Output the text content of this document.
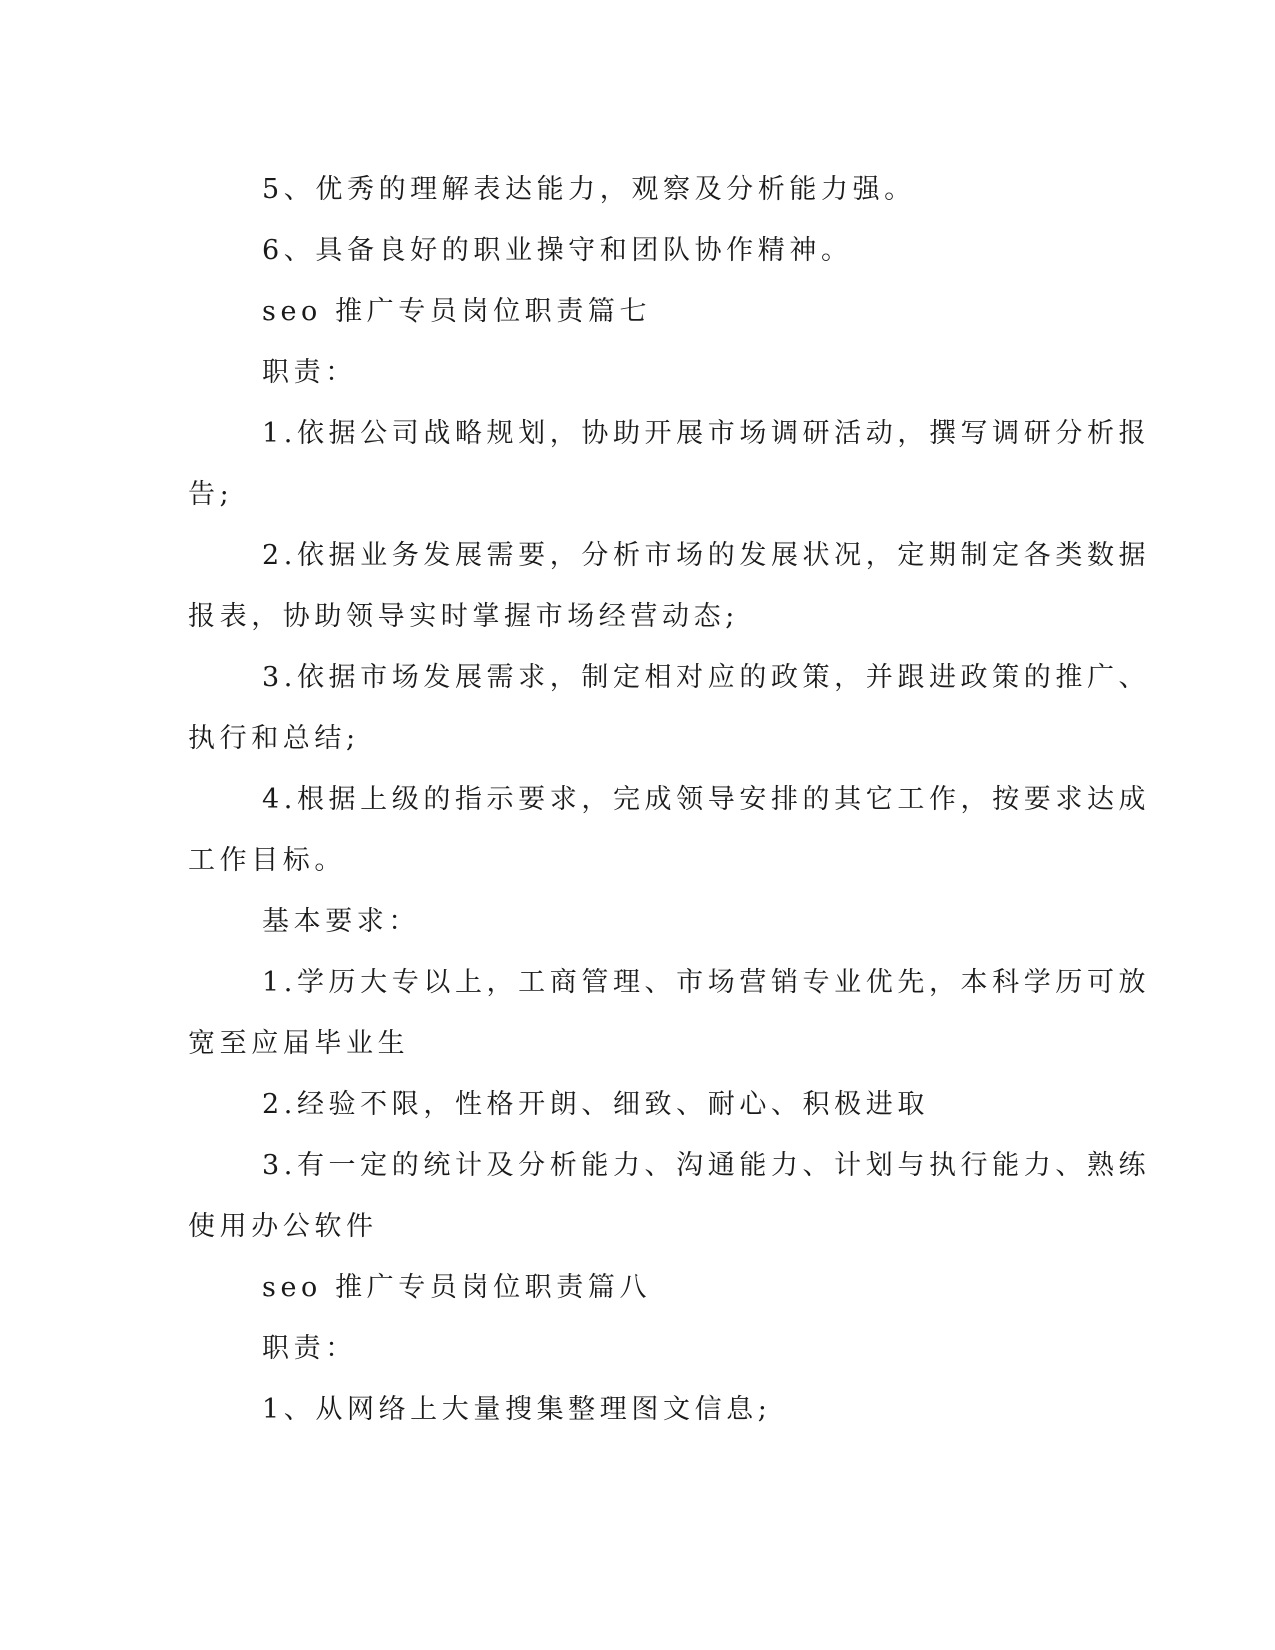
5、优秀的理解表达能力，观察及分析能力强。
6、具备良好的职业操守和团队协作精神。
seo 推广专员岗位职责篇七
职责：
1.依据公司战略规划，协助开展市场调研活动，撰写调研分析报
告;
2.依据业务发展需要，分析市场的发展状况，定期制定各类数据
报表，协助领导实时掌握市场经营动态;
3.依据市场发展需求，制定相对应的政策，并跟进政策的推广、
执行和总结;
4.根据上级的指示要求，完成领导安排的其它工作，按要求达成
工作目标。
基本要求：
1.学历大专以上，工商管理、市场营销专业优先，本科学历可放
宽至应届毕业生
2.经验不限，性格开朗、细致、耐心、积极进取
3.有一定的统计及分析能力、沟通能力、计划与执行能力、熟练
使用办公软件
seo 推广专员岗位职责篇八
职责：
1、从网络上大量搜集整理图文信息;
